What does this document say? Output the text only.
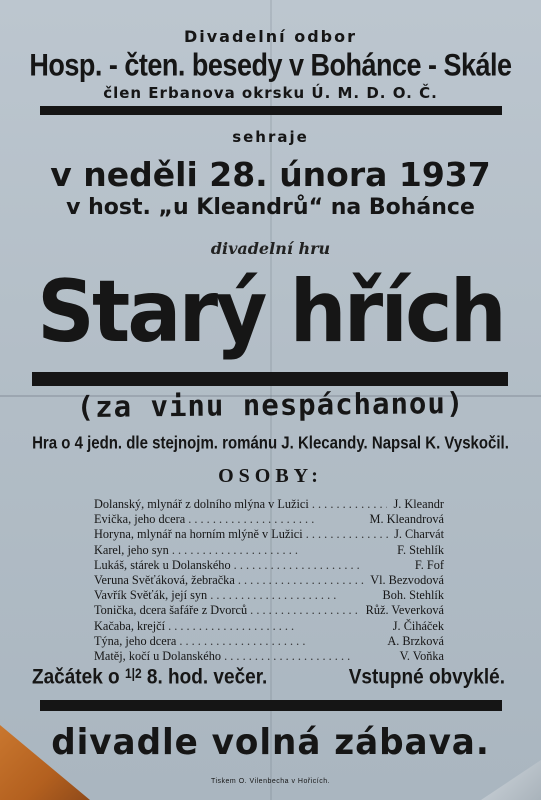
Divadelní odbor
Hosp. - čten. besedy v Bohánce - Skále
člen Erbanova okrsku Ú. M. D. O. Č.
sehraje
v neděli 28. února 1937
v host. „u Kleandrů“ na Bohánce
divadelní hru
Starý hřích
(za vinu nespáchanou)
Hra o 4 jedn. dle stejnojm. románu J. Klecandy. Napsal K. Vyskočil.
OSOBY:
Dolanský, mlynář z dolního mlýna v Lužici . . .	J. Kleandr
Evička, jeho dcera . . .	M. Kleandrová
Horyna, mlynář na horním mlýně v Lužici . . .	J. Charvát
Karel, jeho syn . . .	F. Stehlík
Lukáš, stárek u Dolanského . . .	F. Fof
Veruna Svěťáková, žebračka . . .	Vl. Bezvodová
Vavřík Svěťák, její syn . . .	Boh. Stehlík
Tonička, dcera šafáře z Dvorců . . .	Růž. Veverková
Kačaba, krejčí . . .	J. Čiháček
Týna, jeho dcera . . .	A. Brzková
Matěj, kočí u Dolanského . . .	V. Voňka
Začátek o $^{1|2}$ 8. hod. večer.	Vstupné obvyklé.
divadle volná zábava.
Tiskem O. Vilenbecha v Hořicích.
